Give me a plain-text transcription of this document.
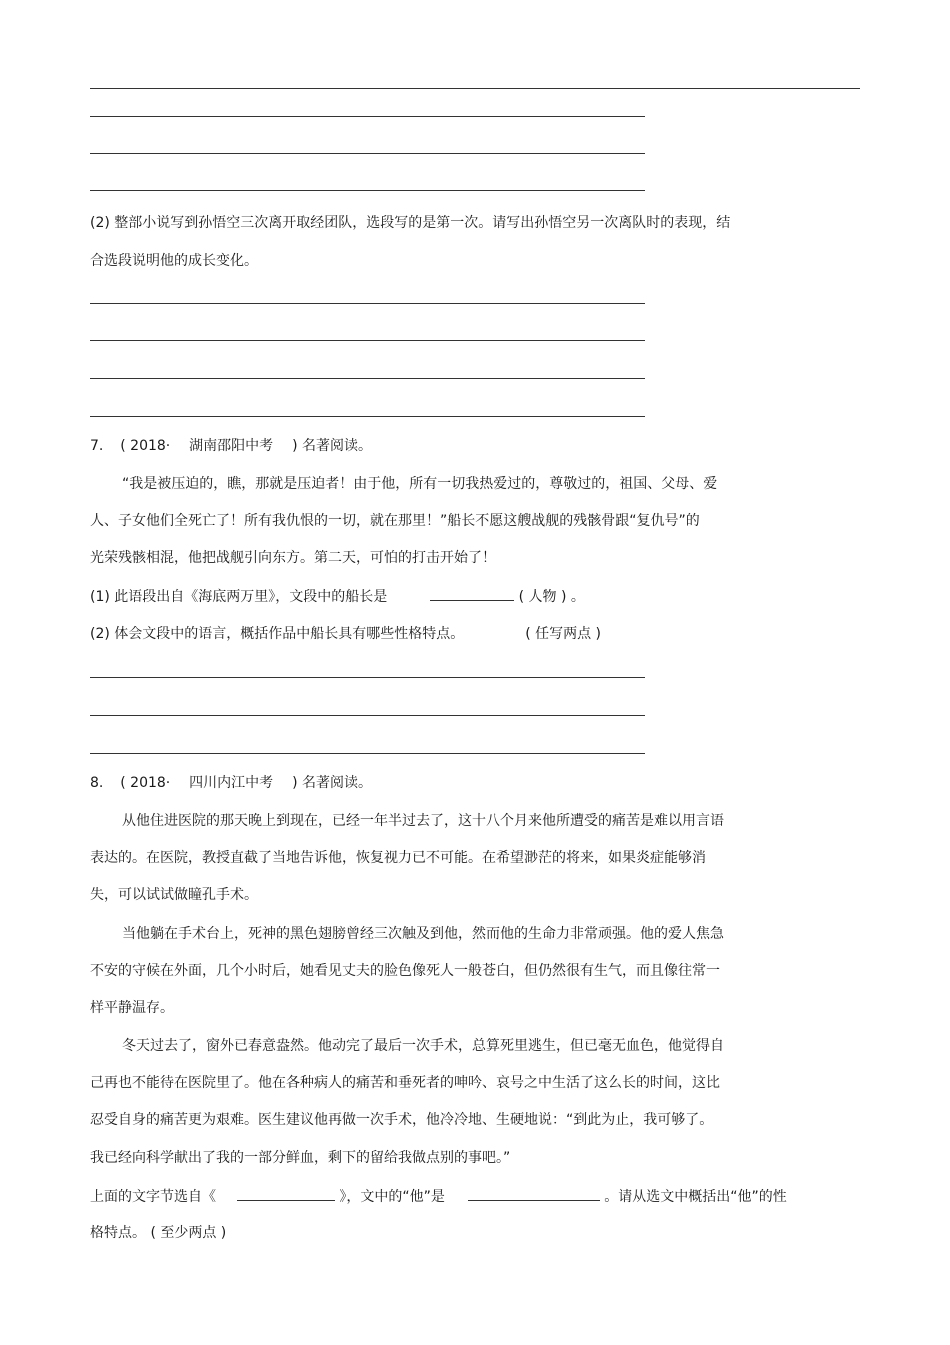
(2) 整部小说写到孙悟空三次离开取经团队，选段写的是第一次。请写出孙悟空另一次离队时的表现，结
合选段说明他的成长变化。
7. ( 2018· 湖南邵阳中考 ) 名著阅读。
“我是被压迫的，瞧，那就是压迫者！由于他，所有一切我热爱过的，尊敬过的，祖国、父母、爱
人、子女他们全死亡了！所有我仇恨的一切，就在那里！”船长不愿这艘战舰的残骸骨跟“复仇号”的
光荣残骸相混，他把战舰引向东方。第二天，可怕的打击开始了！
(1) 此语段出自《海底两万里》，文段中的船长是	( 人物 ) 。
(2) 体会文段中的语言，概括作品中船长具有哪些性格特点。	( 任写两点 )
8. ( 2018· 四川内江中考 ) 名著阅读。
从他住进医院的那天晚上到现在，已经一年半过去了，这十八个月来他所遭受的痛苦是难以用言语
表达的。在医院，教授直截了当地告诉他，恢复视力已不可能。在希望渺茫的将来，如果炎症能够消
失，可以试试做瞳孔手术。
当他躺在手术台上，死神的黑色翅膀曾经三次触及到他，然而他的生命力非常顽强。他的爱人焦急
不安的守候在外面，几个小时后，她看见丈夫的脸色像死人一般苍白，但仍然很有生气，而且像往常一
样平静温存。
冬天过去了，窗外已春意盎然。他动完了最后一次手术，总算死里逃生，但已毫无血色，他觉得自
己再也不能待在医院里了。他在各种病人的痛苦和垂死者的呻吟、哀号之中生活了这么长的时间，这比
忍受自身的痛苦更为艰难。医生建议他再做一次手术，他冷冷地、生硬地说：“到此为止，我可够了。
我已经向科学献出了我的一部分鲜血，剩下的留给我做点别的事吧。”
上面的文字节选自《	》，文中的“他”是	。请从选文中概括出“他”的性
格特点。 ( 至少两点 )
